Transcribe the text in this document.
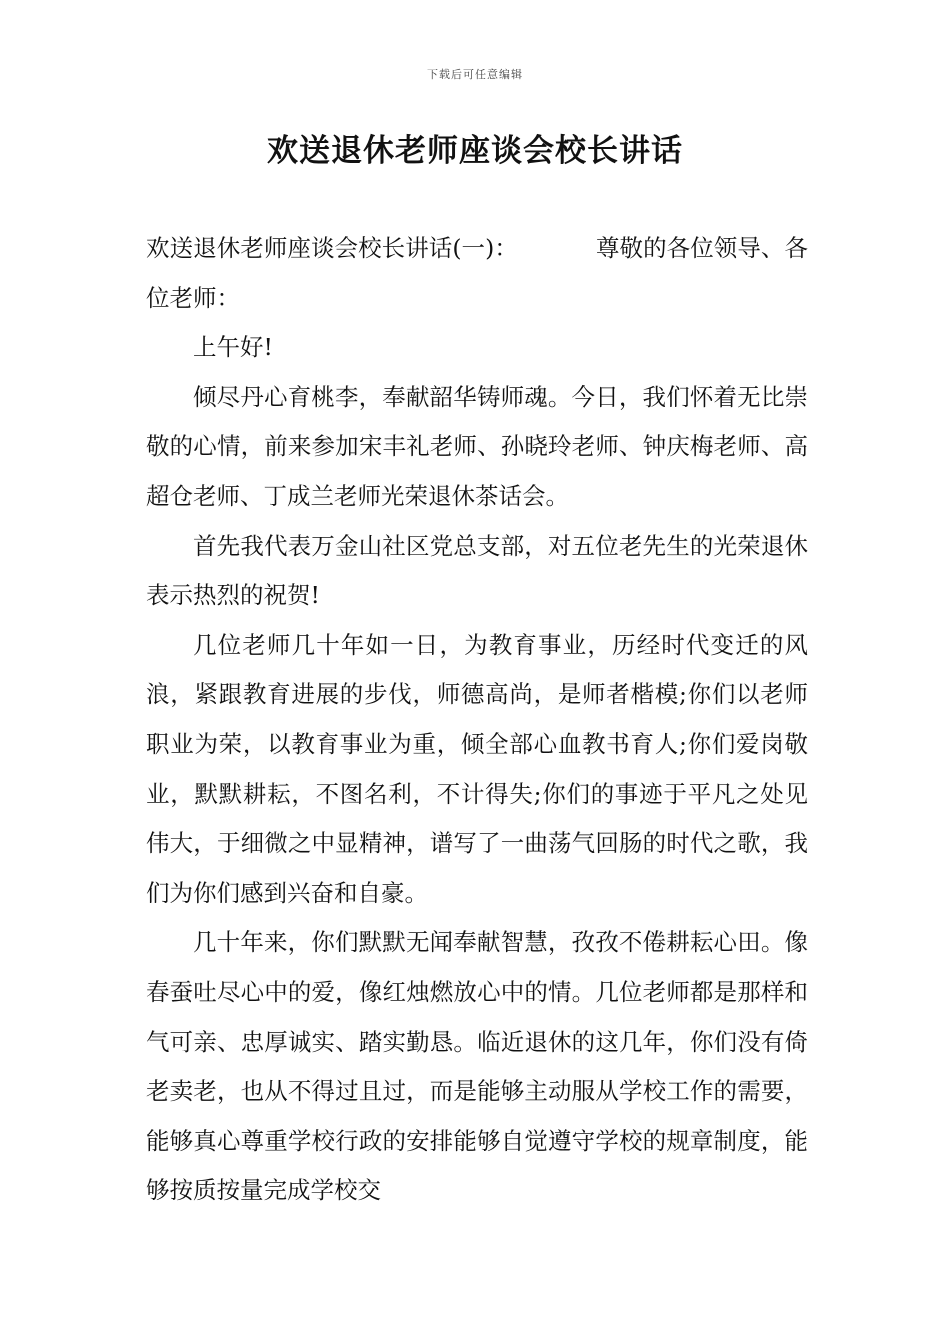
下载后可任意编辑
欢送退休老师座谈会校长讲话

欢送退休老师座谈会校长讲话(一)：	尊敬的各位领导、各位老师：

上午好!

倾尽丹心育桃李，奉献韶华铸师魂。今日，我们怀着无比崇敬的心情，前来参加宋丰礼老师、孙晓玲老师、钟庆梅老师、高超仓老师、丁成兰老师光荣退休茶话会。

首先我代表万金山社区党总支部，对五位老先生的光荣退休表示热烈的祝贺!

几位老师几十年如一日，为教育事业，历经时代变迁的风浪，紧跟教育进展的步伐，师德高尚，是师者楷模;你们以老师职业为荣，以教育事业为重，倾全部心血教书育人;你们爱岗敬业，默默耕耘，不图名利，不计得失;你们的事迹于平凡之处见伟大，于细微之中显精神，谱写了一曲荡气回肠的时代之歌，我们为你们感到兴奋和自豪。

几十年来，你们默默无闻奉献智慧，孜孜不倦耕耘心田。像春蚕吐尽心中的爱，像红烛燃放心中的情。几位老师都是那样和气可亲、忠厚诚实、踏实勤恳。临近退休的这几年，你们没有倚老卖老，也从不得过且过，而是能够主动服从学校工作的需要，能够真心尊重学校行政的安排能够自觉遵守学校的规章制度，能够按质按量完成学校交
